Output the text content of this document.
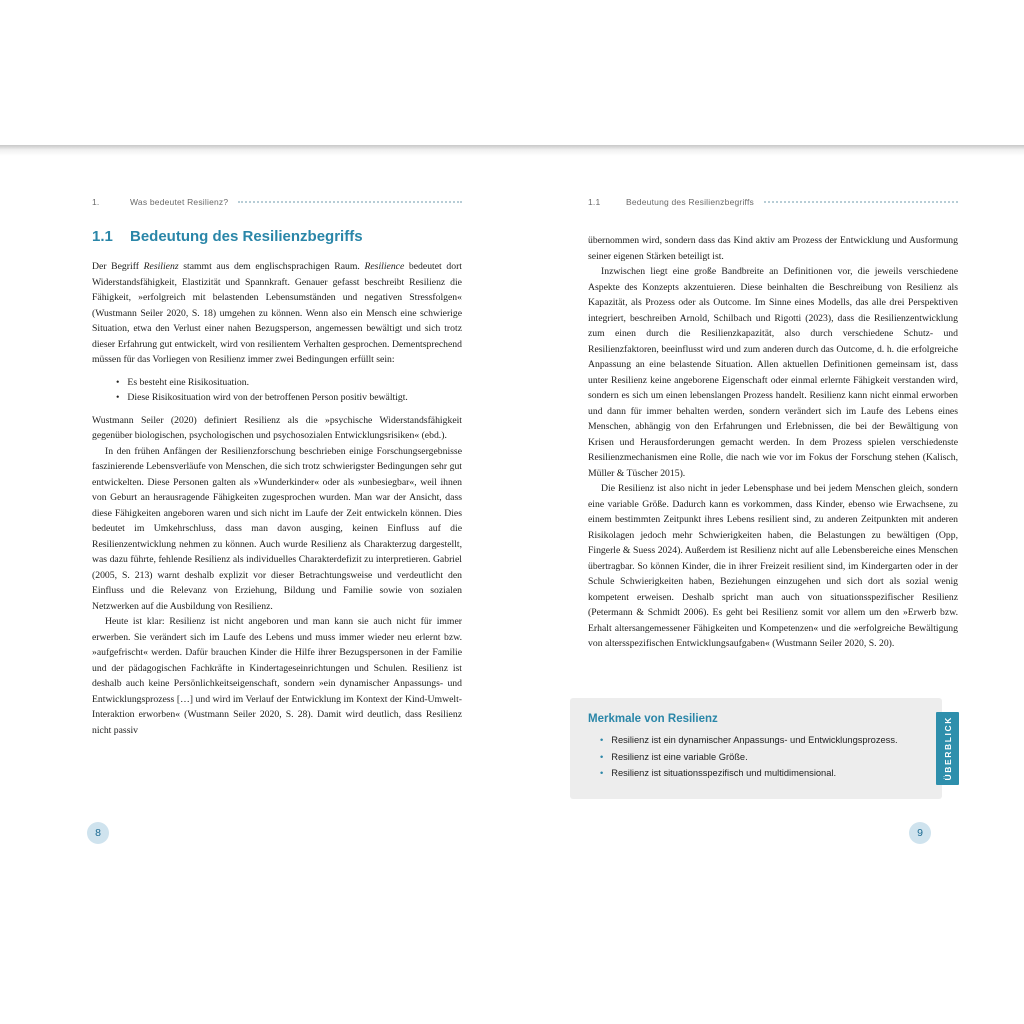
1.	Was bedeutet Resilienz?
1.1	Bedeutung des Resilienzbegriffs

Der Begriff Resilienz stammt aus dem englischsprachigen Raum. Resilience bedeutet dort Widerstandsfähigkeit, Elastizität und Spannkraft. Genauer gefasst beschreibt Resilienz die Fähigkeit, »erfolgreich mit belastenden Lebensumständen und negativen Stressfolgen« (Wustmann Seiler 2020, S. 18) umgehen zu können. Wenn also ein Mensch eine schwierige Situation, etwa den Verlust einer nahen Bezugsperson, angemessen bewältigt und sich trotz dieser Erfahrung gut entwickelt, wird von resilientem Verhalten gesprochen. Dementsprechend müssen für das Vorliegen von Resilienz immer zwei Bedingungen erfüllt sein:

• Es besteht eine Risikosituation.
• Diese Risikosituation wird von der betroffenen Person positiv bewältigt.

Wustmann Seiler (2020) definiert Resilienz als die »psychische Widerstandsfähigkeit gegenüber biologischen, psychologischen und psychosozialen Entwicklungsrisiken« (ebd.).

In den frühen Anfängen der Resilienzforschung beschrieben einige Forschungsergebnisse faszinierende Lebensverläufe von Menschen, die sich trotz schwierigster Bedingungen sehr gut entwickelten. Diese Personen galten als »Wunderkinder« oder als »unbesiegbar«, weil ihnen von Geburt an herausragende Fähigkeiten zugesprochen wurden. Man war der Ansicht, dass diese Fähigkeiten angeboren waren und sich nicht im Laufe der Zeit entwickeln können. Dies bedeutet im Umkehrschluss, dass man davon ausging, keinen Einfluss auf die Resilienzentwicklung nehmen zu können. Auch wurde Resilienz als Charakterzug dargestellt, was dazu führte, fehlende Resilienz als individuelles Charakterdefizit zu interpretieren. Gabriel (2005, S. 213) warnt deshalb explizit vor dieser Betrachtungsweise und verdeutlicht den Einfluss und die Relevanz von Erziehung, Bildung und Familie sowie von sozialen Netzwerken auf die Ausbildung von Resilienz.

Heute ist klar: Resilienz ist nicht angeboren und man kann sie auch nicht für immer erwerben. Sie verändert sich im Laufe des Lebens und muss immer wieder neu erlernt bzw. »aufgefrischt« werden. Dafür brauchen Kinder die Hilfe ihrer Bezugspersonen in der Familie und der pädagogischen Fachkräfte in Kindertageseinrichtungen und Schulen. Resilienz ist deshalb auch keine Persönlichkeitseigenschaft, sondern »ein dynamischer Anpassungs- und Entwicklungsprozess […] und wird im Verlauf der Entwicklung im Kontext der Kind-Umwelt-Interaktion erworben« (Wustmann Seiler 2020, S. 28). Damit wird deutlich, dass Resilienz nicht passiv

1.1	Bedeutung des Resilienzbegriffs

übernommen wird, sondern dass das Kind aktiv am Prozess der Entwicklung und Ausformung seiner eigenen Stärken beteiligt ist.

Inzwischen liegt eine große Bandbreite an Definitionen vor, die jeweils verschiedene Aspekte des Konzepts akzentuieren. Diese beinhalten die Beschreibung von Resilienz als Kapazität, als Prozess oder als Outcome. Im Sinne eines Modells, das alle drei Perspektiven integriert, beschreiben Arnold, Schilbach und Rigotti (2023), dass die Resilienzentwicklung zum einen durch die Resilienzkapazität, also durch verschiedene Schutz- und Resilienzfaktoren, beeinflusst wird und zum anderen durch das Outcome, d. h. die erfolgreiche Anpassung an eine belastende Situation. Allen aktuellen Definitionen gemeinsam ist, dass unter Resilienz keine angeborene Eigenschaft oder einmal erlernte Fähigkeit verstanden wird, sondern es sich um einen lebenslangen Prozess handelt. Resilienz kann nicht einmal erworben und dann für immer behalten werden, sondern verändert sich im Laufe des Lebens eines Menschen, abhängig von den Erfahrungen und Erlebnissen, die bei der Bewältigung von Krisen und Herausforderungen gemacht werden. In dem Prozess spielen verschiedenste Resilienzmechanismen eine Rolle, die nach wie vor im Fokus der Forschung stehen (Kalisch, Müller & Tüscher 2015).

Die Resilienz ist also nicht in jeder Lebensphase und bei jedem Menschen gleich, sondern eine variable Größe. Dadurch kann es vorkommen, dass Kinder, ebenso wie Erwachsene, zu einem bestimmten Zeitpunkt ihres Lebens resilient sind, zu anderen Zeitpunkten mit anderen Risikolagen jedoch mehr Schwierigkeiten haben, die Belastungen zu bewältigen (Opp, Fingerle & Suess 2024). Außerdem ist Resilienz nicht auf alle Lebensbereiche eines Menschen übertragbar. So können Kinder, die in ihrer Freizeit resilient sind, im Kindergarten oder in der Schule Schwierigkeiten haben, Beziehungen einzugehen und sich dort als sozial wenig kompetent erweisen. Deshalb spricht man auch von situationsspezifischer Resilienz (Petermann & Schmidt 2006). Es geht bei Resilienz somit vor allem um den »Erwerb bzw. Erhalt altersangemessener Fähigkeiten und Kompetenzen« und die »erfolgreiche Bewältigung von altersspezifischen Entwicklungsaufgaben« (Wustmann Seiler 2020, S. 20).

Merkmale von Resilienz
• Resilienz ist ein dynamischer Anpassungs- und Entwicklungsprozess.
• Resilienz ist eine variable Größe.
• Resilienz ist situationsspezifisch und multidimensional.	ÜBERBLICK
8	9
